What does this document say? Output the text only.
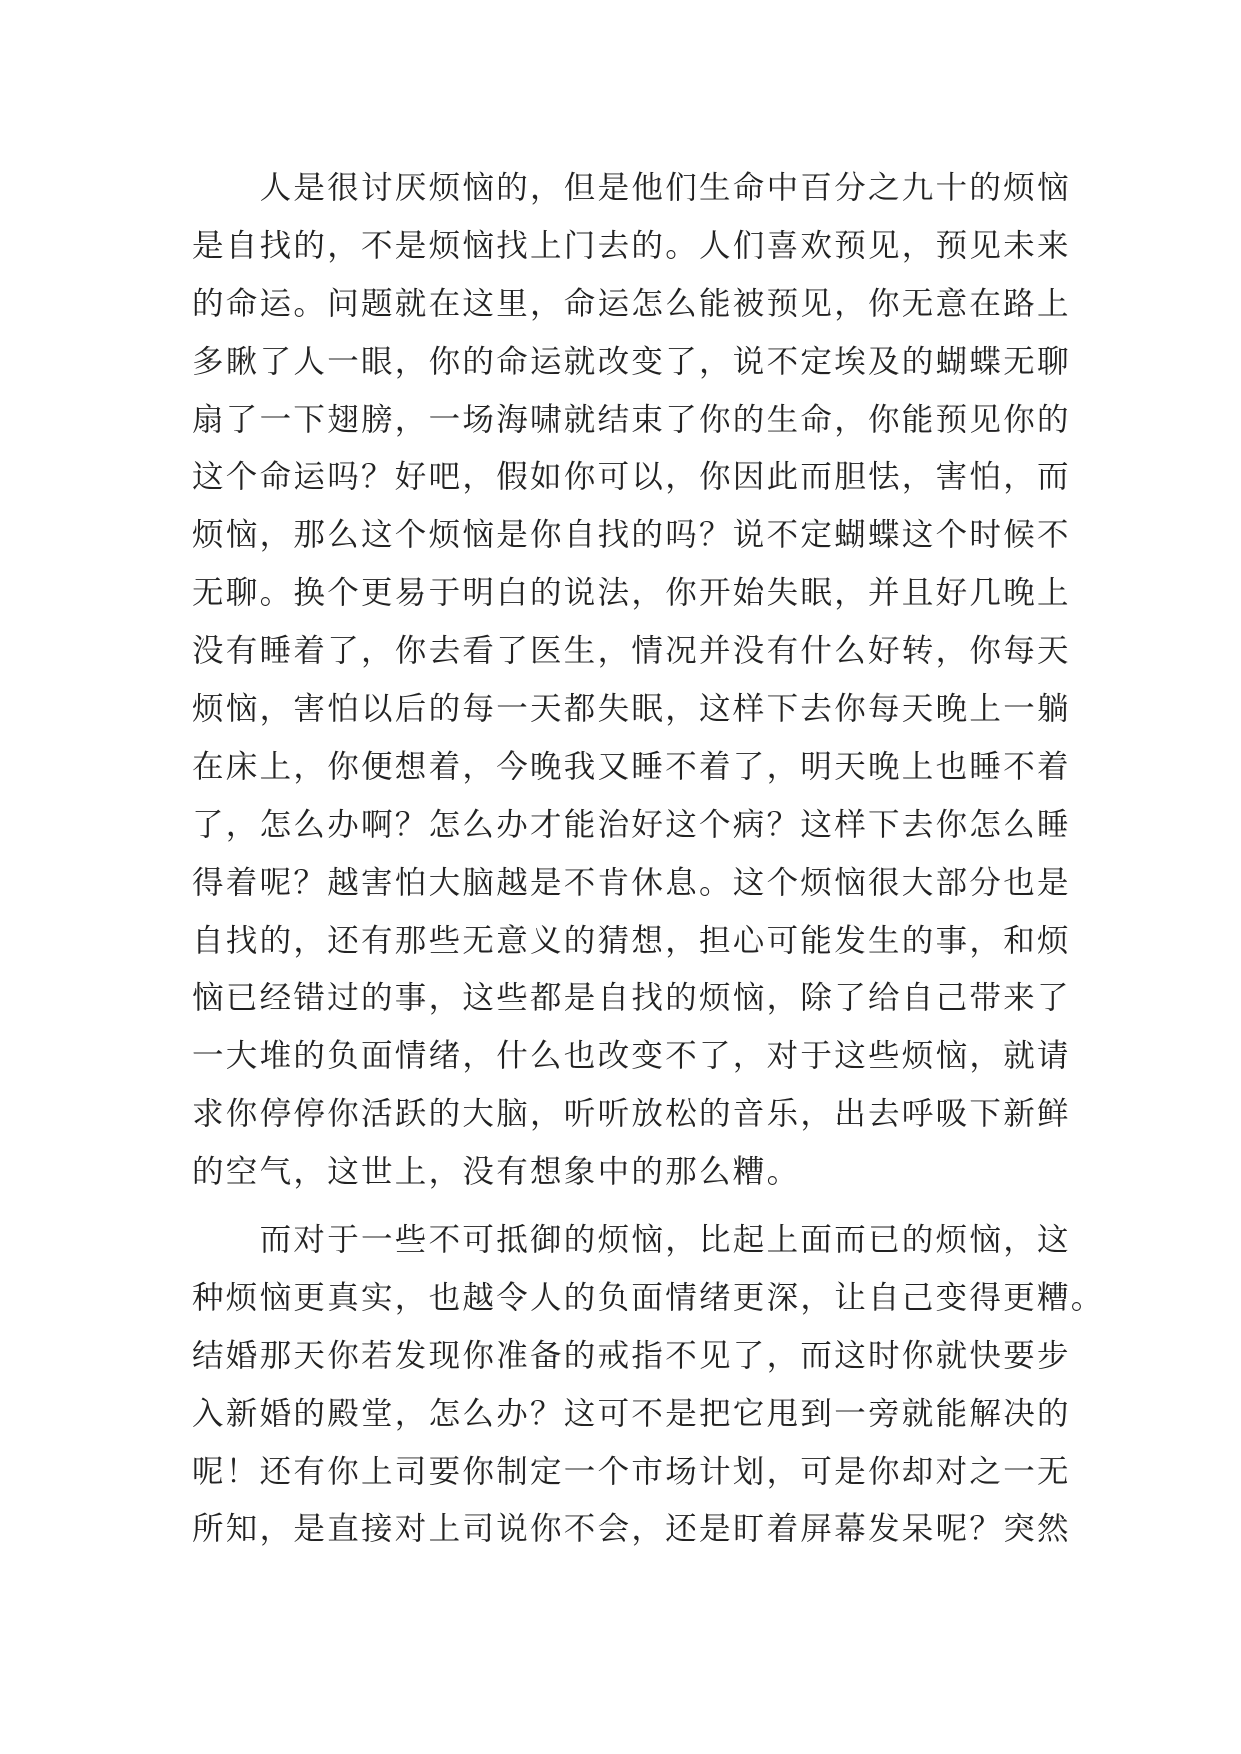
　　人是很讨厌烦恼的，但是他们生命中百分之九十的烦恼
是自找的，不是烦恼找上门去的。人们喜欢预见，预见未来
的命运。问题就在这里，命运怎么能被预见，你无意在路上
多瞅了人一眼，你的命运就改变了，说不定埃及的蝴蝶无聊
扇了一下翅膀，一场海啸就结束了你的生命，你能预见你的
这个命运吗？好吧，假如你可以，你因此而胆怯，害怕，而
烦恼，那么这个烦恼是你自找的吗？说不定蝴蝶这个时候不
无聊。换个更易于明白的说法，你开始失眠，并且好几晚上
没有睡着了，你去看了医生，情况并没有什么好转，你每天
烦恼，害怕以后的每一天都失眠，这样下去你每天晚上一躺
在床上，你便想着，今晚我又睡不着了，明天晚上也睡不着
了，怎么办啊？怎么办才能治好这个病？这样下去你怎么睡
得着呢？越害怕大脑越是不肯休息。这个烦恼很大部分也是
自找的，还有那些无意义的猜想，担心可能发生的事，和烦
恼已经错过的事，这些都是自找的烦恼，除了给自己带来了
一大堆的负面情绪，什么也改变不了，对于这些烦恼，就请
求你停停你活跃的大脑，听听放松的音乐，出去呼吸下新鲜
的空气，这世上，没有想象中的那么糟。
　　而对于一些不可抵御的烦恼，比起上面而已的烦恼，这
种烦恼更真实，也越令人的负面情绪更深，让自己变得更糟。
结婚那天你若发现你准备的戒指不见了，而这时你就快要步
入新婚的殿堂，怎么办？这可不是把它甩到一旁就能解决的
呢！还有你上司要你制定一个市场计划，可是你却对之一无
所知，是直接对上司说你不会，还是盯着屏幕发呆呢？突然
